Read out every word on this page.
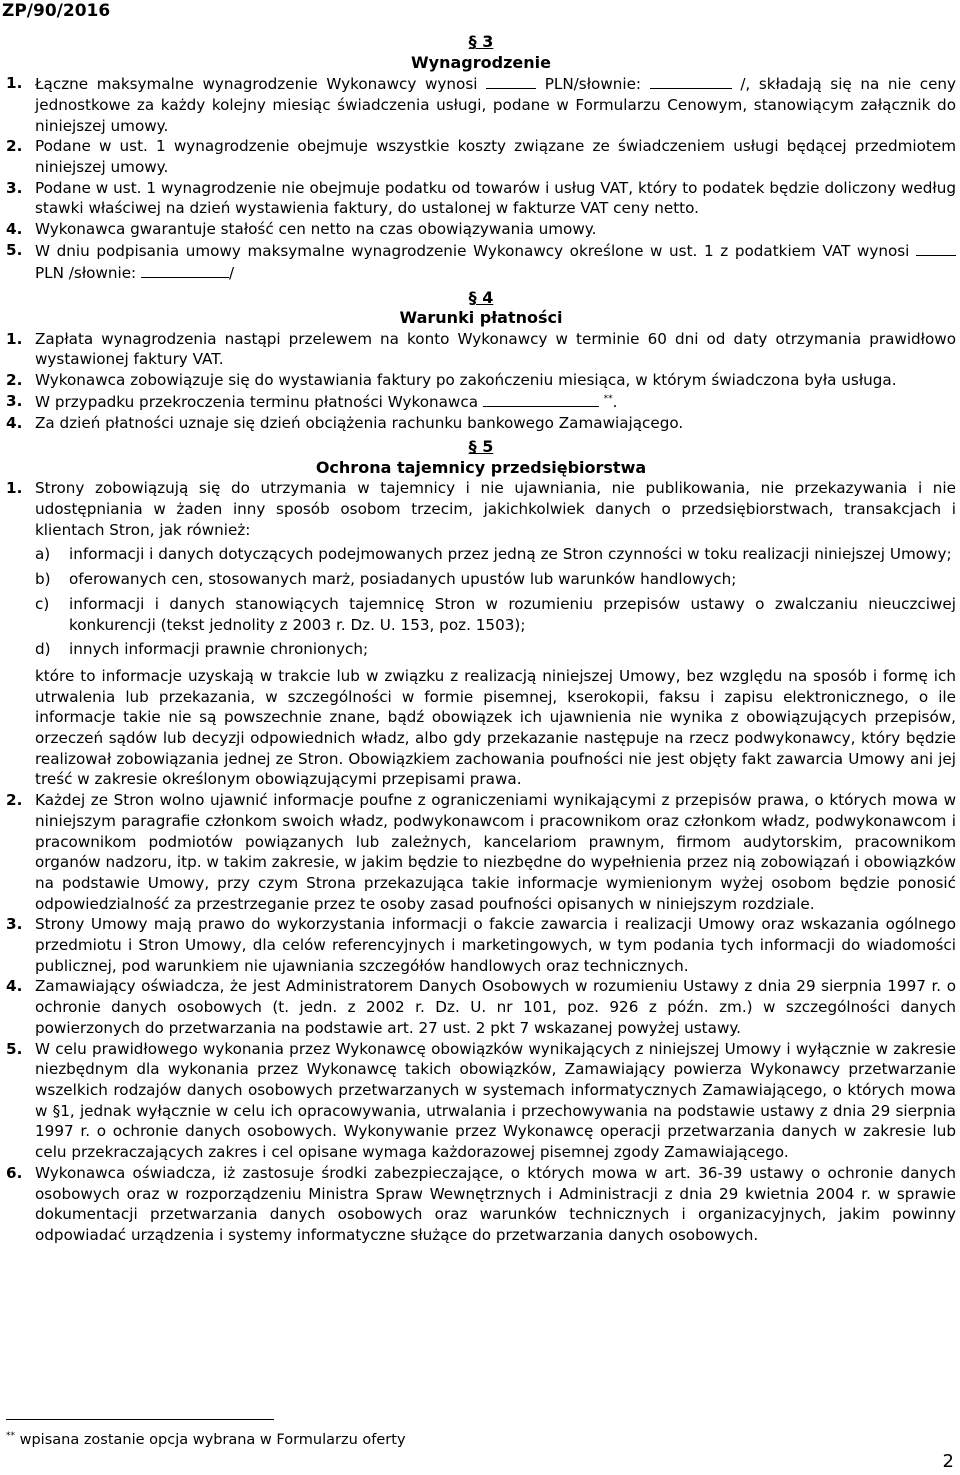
ZP/90/2016
§ 3
Wynagrodzenie
1. Łączne maksymalne wynagrodzenie Wykonawcy wynosi	PLN/słownie:	/, składają się na nie ceny jednostkowe za każdy kolejny miesiąc świadczenia usługi, podane w Formularzu Cenowym, stanowiącym załącznik do niniejszej umowy.
2. Podane w ust. 1 wynagrodzenie obejmuje wszystkie koszty związane ze świadczeniem usługi będącej przedmiotem niniejszej umowy.
3. Podane w ust. 1 wynagrodzenie nie obejmuje podatku od towarów i usług VAT, który to podatek będzie doliczony według stawki właściwej na dzień wystawienia faktury, do ustalonej w fakturze VAT ceny netto.
4. Wykonawca gwarantuje stałość cen netto na czas obowiązywania umowy.
5. W dniu podpisania umowy maksymalne wynagrodzenie Wykonawcy określone w ust. 1 z podatkiem VAT wynosi PLN /słownie:	/
§ 4
Warunki płatności
1. Zapłata wynagrodzenia nastąpi przelewem na konto Wykonawcy w terminie 60 dni od daty otrzymania prawidłowo wystawionej faktury VAT.
2. Wykonawca zobowiązuje się do wystawiania faktury po zakończeniu miesiąca, w którym świadczona była usługa.
3. W przypadku przekroczenia terminu płatności Wykonawca	**.
4. Za dzień płatności uznaje się dzień obciążenia rachunku bankowego Zamawiającego.
§ 5
Ochrona tajemnicy przedsiębiorstwa
1. Strony zobowiązują się do utrzymania w tajemnicy i nie ujawniania, nie publikowania, nie przekazywania i nie udostępniania w żaden inny sposób osobom trzecim, jakichkolwiek danych o przedsiębiorstwach, transakcjach i klientach Stron, jak również:
a)	informacji i danych dotyczących podejmowanych przez jedną ze Stron czynności w toku realizacji niniejszej Umowy;
b)	oferowanych cen, stosowanych marż, posiadanych upustów lub warunków handlowych;
c)	informacji i danych stanowiących tajemnicę Stron w rozumieniu przepisów ustawy o zwalczaniu nieuczciwej konkurencji (tekst jednolity z 2003 r. Dz. U. 153, poz. 1503);
d)	innych informacji prawnie chronionych;
które to informacje uzyskają w trakcie lub w związku z realizacją niniejszej Umowy, bez względu na sposób i formę ich utrwalenia lub przekazania, w szczególności w formie pisemnej, kserokopii, faksu i zapisu elektronicznego, o ile informacje takie nie są powszechnie znane, bądź obowiązek ich ujawnienia nie wynika z obowiązujących przepisów, orzeczeń sądów lub decyzji odpowiednich władz, albo gdy przekazanie następuje na rzecz podwykonawcy, który będzie realizował zobowiązania jednej ze Stron. Obowiązkiem zachowania poufności nie jest objęty fakt zawarcia Umowy ani jej treść w zakresie określonym obowiązującymi przepisami prawa.
2. Każdej ze Stron wolno ujawnić informacje poufne z ograniczeniami wynikającymi z przepisów prawa, o których mowa w niniejszym paragrafie członkom swoich władz, podwykonawcom i pracownikom oraz członkom władz, podwykonawcom i pracownikom podmiotów powiązanych lub zależnych, kancelariom prawnym, firmom audytorskim, pracownikom organów nadzoru, itp. w takim zakresie, w jakim będzie to niezbędne do wypełnienia przez nią zobowiązań i obowiązków na podstawie Umowy, przy czym Strona przekazująca takie informacje wymienionym wyżej osobom będzie ponosić odpowiedzialność za przestrzeganie przez te osoby zasad poufności opisanych w niniejszym rozdziale.
3. Strony Umowy mają prawo do wykorzystania informacji o fakcie zawarcia i realizacji Umowy oraz wskazania ogólnego przedmiotu i Stron Umowy, dla celów referencyjnych i marketingowych, w tym podania tych informacji do wiadomości publicznej, pod warunkiem nie ujawniania szczegółów handlowych oraz technicznych.
4. Zamawiający oświadcza, że jest Administratorem Danych Osobowych w rozumieniu Ustawy z dnia 29 sierpnia 1997 r. o ochronie danych osobowych (t. jedn. z 2002 r. Dz. U. nr 101, poz. 926 z późn. zm.) w szczególności danych powierzonych do przetwarzania na podstawie art. 27 ust. 2 pkt 7 wskazanej powyżej ustawy.
5. W celu prawidłowego wykonania przez Wykonawcę obowiązków wynikających z niniejszej Umowy i wyłącznie w zakresie niezbędnym dla wykonania przez Wykonawcę takich obowiązków, Zamawiający powierza Wykonawcy przetwarzanie wszelkich rodzajów danych osobowych przetwarzanych w systemach informatycznych Zamawiającego, o których mowa w §1, jednak wyłącznie w celu ich opracowywania, utrwalania i przechowywania na podstawie ustawy z dnia 29 sierpnia 1997 r. o ochronie danych osobowych. Wykonywanie przez Wykonawcę operacji przetwarzania danych w zakresie lub celu przekraczających zakres i cel opisane wymaga każdorazowej pisemnej zgody Zamawiającego.
6. Wykonawca oświadcza, iż zastosuje środki zabezpieczające, o których mowa w art. 36-39 ustawy o ochronie danych osobowych oraz w rozporządzeniu Ministra Spraw Wewnętrznych i Administracji z dnia 29 kwietnia 2004 r. w sprawie dokumentacji przetwarzania danych osobowych oraz warunków technicznych i organizacyjnych, jakim powinny odpowiadać urządzenia i systemy informatyczne służące do przetwarzania danych osobowych.
** wpisana zostanie opcja wybrana w Formularzu oferty
2
